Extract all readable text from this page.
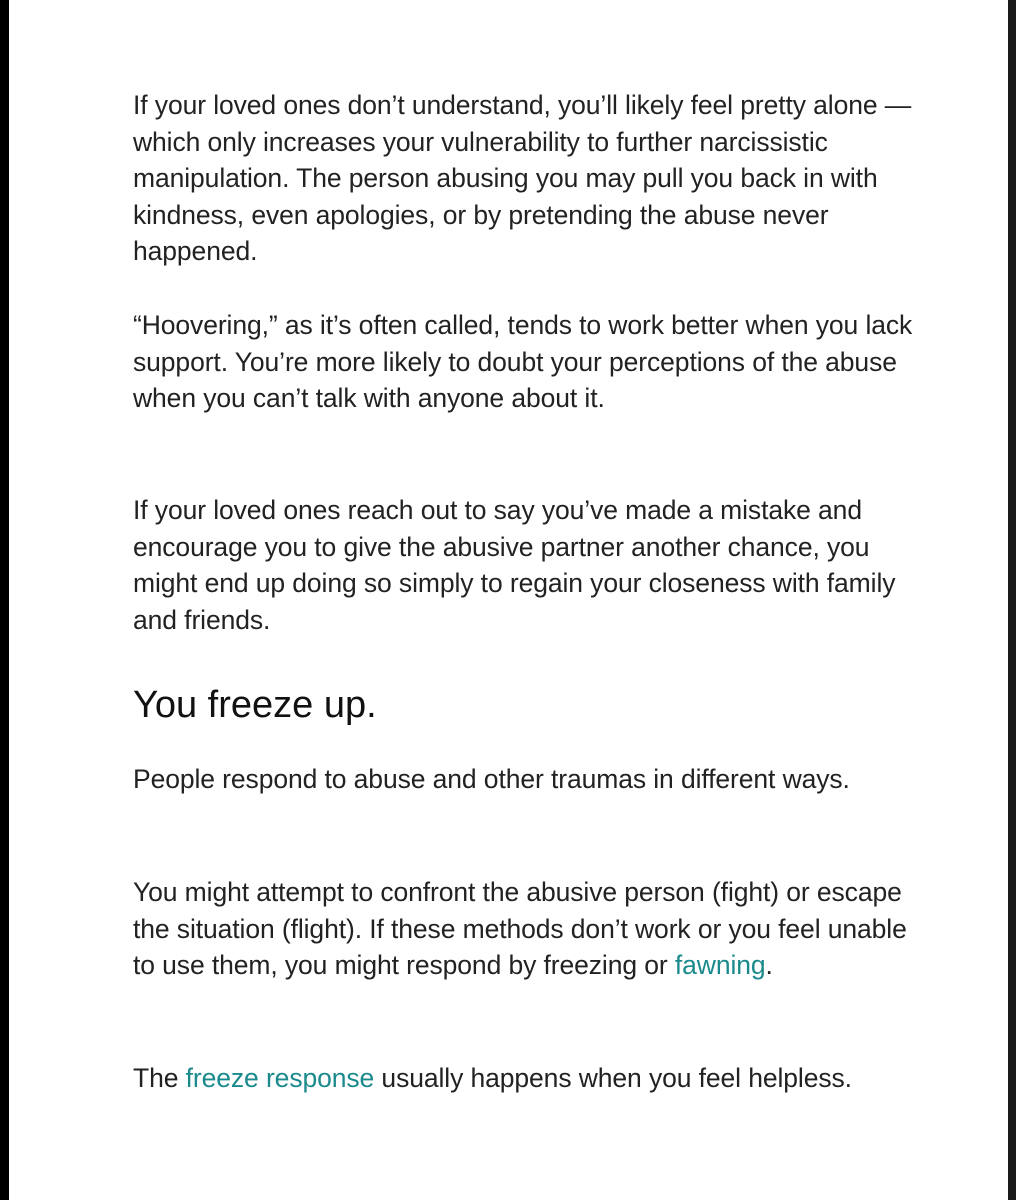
If your loved ones don’t understand, you’ll likely feel pretty alone — which only increases your vulnerability to further narcissistic manipulation. The person abusing you may pull you back in with kindness, even apologies, or by pretending the abuse never happened.

“Hoovering,” as it’s often called, tends to work better when you lack support. You’re more likely to doubt your perceptions of the abuse when you can’t talk with anyone about it.

If your loved ones reach out to say you’ve made a mistake and encourage you to give the abusive partner another chance, you might end up doing so simply to regain your closeness with family and friends.

You freeze up.

People respond to abuse and other traumas in different ways.

You might attempt to confront the abusive person (fight) or escape the situation (flight). If these methods don’t work or you feel unable to use them, you might respond by freezing or fawning.

The freeze response usually happens when you feel helpless.
